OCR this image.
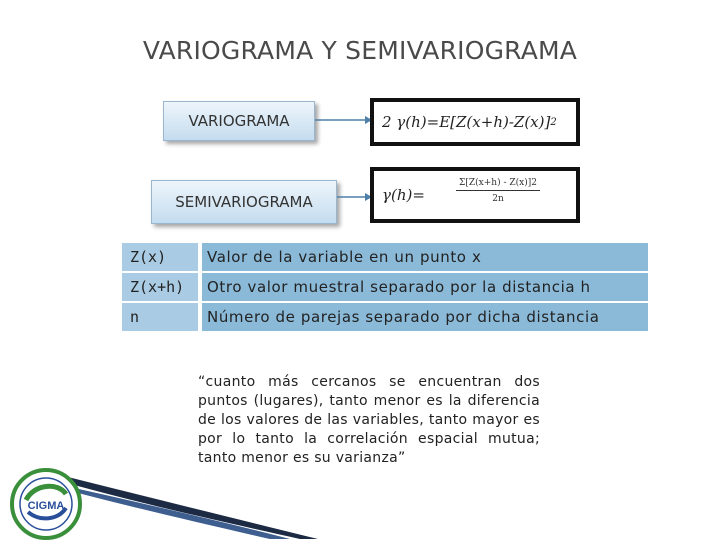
VARIOGRAMA Y SEMIVARIOGRAMA
VARIOGRAMA
SEMIVARIOGRAMA
2 γ(h)=E[Z(x+h)-Z(x)] 2
γ(h)=	$\frac{\Sigma[Z(x+h) - Z(x)]2}{2n}$
Z(x)	Valor de la variable en un punto x
Z(x+h)	Otro valor muestral separado por la distancia h
n	Número de parejas separado por dicha distancia
“cuanto más cercanos se encuentran dos puntos (lugares), tanto menor es la diferencia de los valores de las variables, tanto mayor es por lo tanto la correlación espacial mutua; tanto menor es su varianza”
CIGMA
